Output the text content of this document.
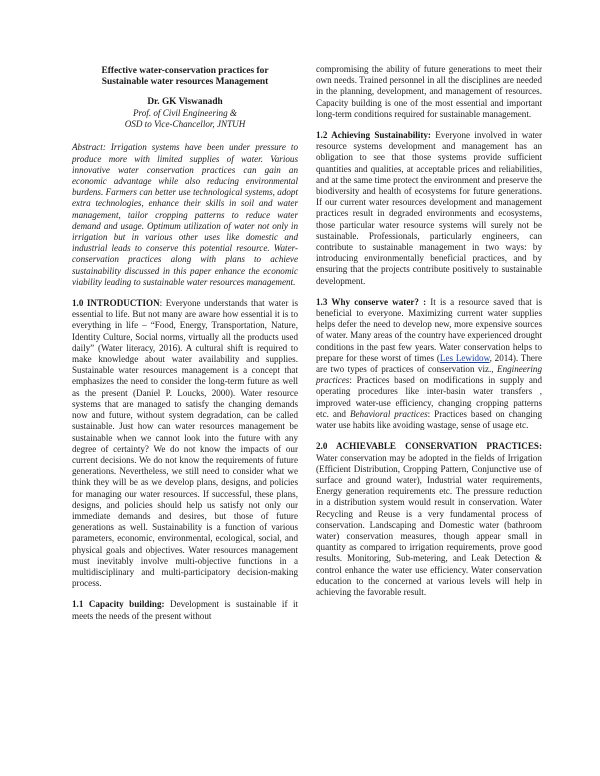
Effective water-conservation practices for
Sustainable water resources Management

Dr. GK Viswanadh

Prof. of Civil Engineering &

OSD to Vice-Chancellor, JNTUH

Abstract: Irrigation systems have been under pressure to produce more with limited supplies of water. Various innovative water conservation practices can gain an economic advantage while also reducing environmental burdens. Farmers can better use technological systems, adopt extra technologies, enhance their skills in soil and water management, tailor cropping patterns to reduce water demand and usage. Optimum utilization of water not only in irrigation but in various other uses like domestic and industrial leads to conserve this potential resource. Water-conservation practices along with plans to achieve sustainability discussed in this paper enhance the economic viability leading to sustainable water resources management.

1.0 INTRODUCTION: Everyone understands that water is essential to life. But not many are aware how essential it is to everything in life – “Food, Energy, Transportation, Nature, Identity Culture, Social norms, virtually all the products used daily” (Water literacy, 2016). A cultural shift is required to make knowledge about water availability and supplies. Sustainable water resources management is a concept that emphasizes the need to consider the long-term future as well as the present (Daniel P. Loucks, 2000). Water resource systems that are managed to satisfy the changing demands now and future, without system degradation, can be called sustainable. Just how can water resources management be sustainable when we cannot look into the future with any degree of certainty? We do not know the impacts of our current decisions. We do not know the requirements of future generations. Nevertheless, we still need to consider what we think they will be as we develop plans, designs, and policies for managing our water resources. If successful, these plans, designs, and policies should help us satisfy not only our immediate demands and desires, but those of future generations as well. Sustainability is a function of various parameters, economic, environmental, ecological, social, and physical goals and objectives. Water resources management must inevitably involve multi-objective functions in a multidisciplinary and multi-participatory decision-making process.

1.1 Capacity building: Development is sustainable if it meets the needs of the present without

compromising the ability of future generations to meet their own needs. Trained personnel in all the disciplines are needed in the planning, development, and management of resources. Capacity building is one of the most essential and important long-term conditions required for sustainable management.

1.2 Achieving Sustainability: Everyone involved in water resource systems development and management has an obligation to see that those systems provide sufficient quantities and qualities, at acceptable prices and reliabilities, and at the same time protect the environment and preserve the biodiversity and health of ecosystems for future generations. If our current water resources development and management practices result in degraded environments and ecosystems, those particular water resource systems will surely not be sustainable. Professionals, particularly engineers, can contribute to sustainable management in two ways: by introducing environmentally beneficial practices, and by ensuring that the projects contribute positively to sustainable development.

1.3 Why conserve water? : It is a resource saved that is beneficial to everyone. Maximizing current water supplies helps defer the need to develop new, more expensive sources of water. Many areas of the country have experienced drought conditions in the past few years. Water conservation helps to prepare for these worst of times (Les Lewidow, 2014). There are two types of practices of conservation viz., Engineering practices: Practices based on modifications in supply and operating procedures like inter-basin water transfers , improved water-use efficiency, changing cropping patterns etc. and Behavioral practices: Practices based on changing water use habits like avoiding wastage, sense of usage etc.

2.0 ACHIEVABLE CONSERVATION PRACTICES: Water conservation may be adopted in the fields of Irrigation (Efficient Distribution, Cropping Pattern, Conjunctive use of surface and ground water), Industrial water requirements, Energy generation requirements etc. The pressure reduction in a distribution system would result in conservation. Water Recycling and Reuse is a very fundamental process of conservation. Landscaping and Domestic water (bathroom water) conservation measures, though appear small in quantity as compared to irrigation requirements, prove good results. Monitoring, Sub-metering, and Leak Detection & control enhance the water use efficiency. Water conservation education to the concerned at various levels will help in achieving the favorable result.
